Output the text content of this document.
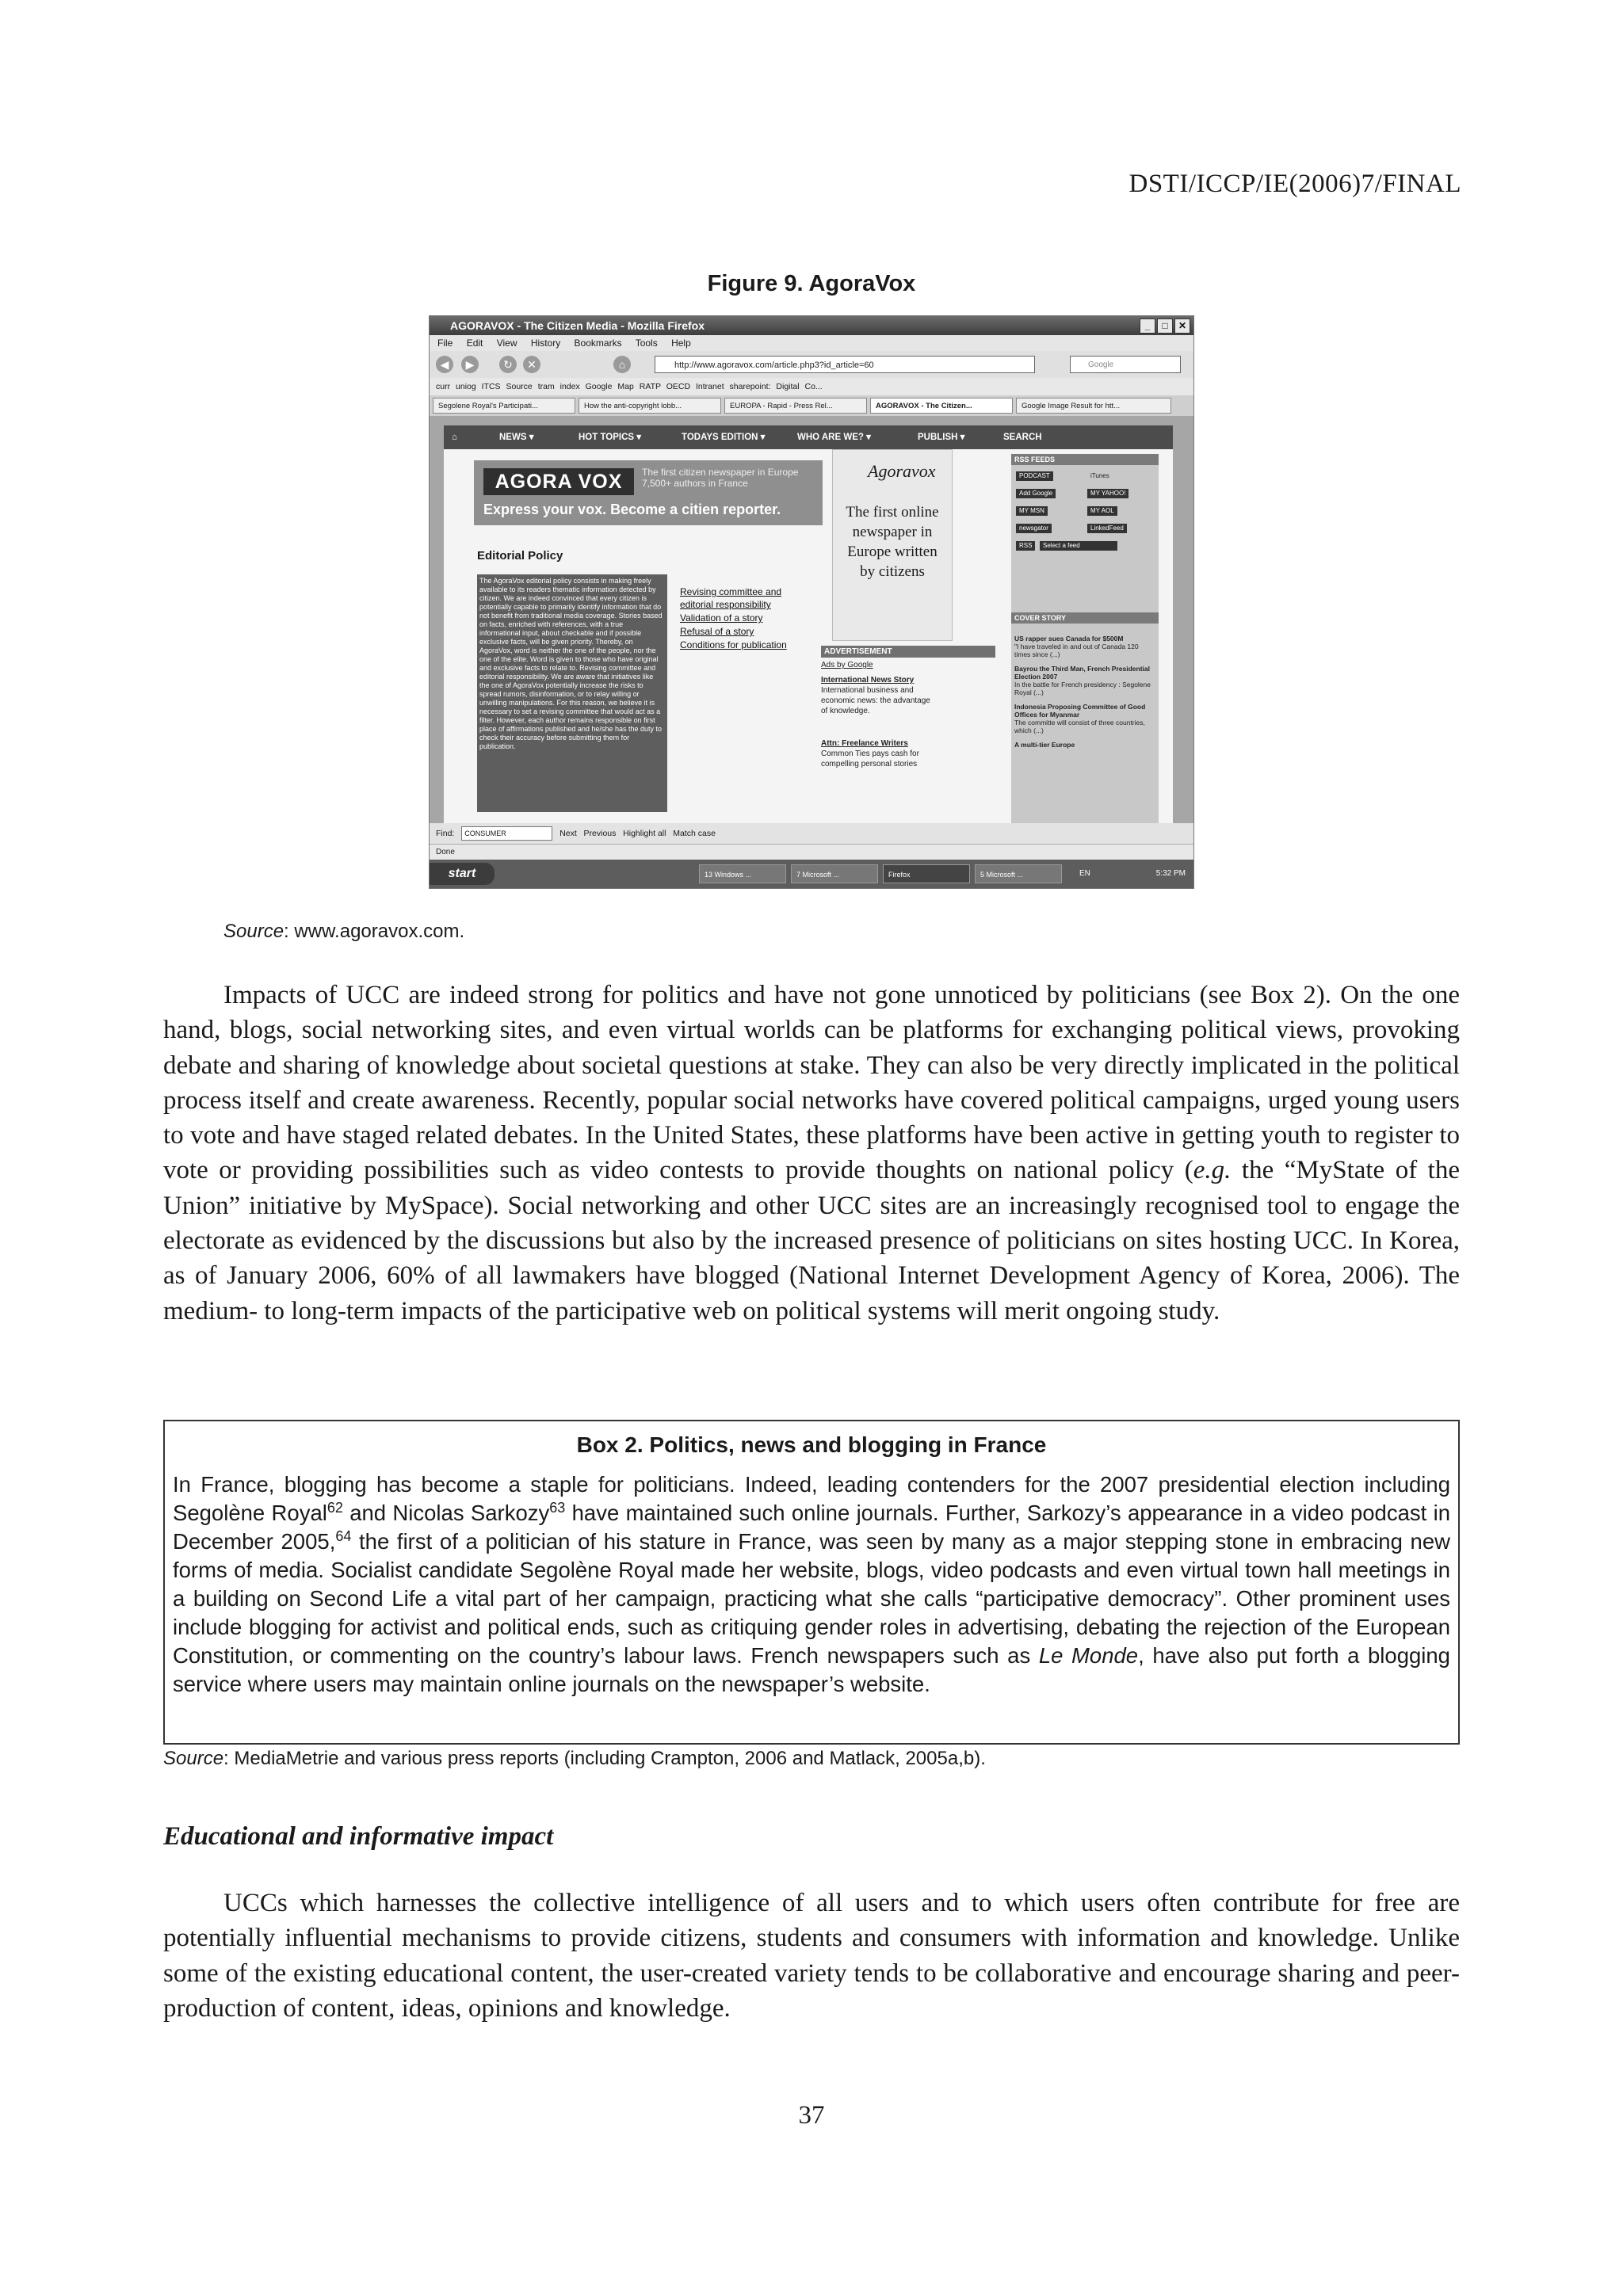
DSTI/ICCP/IE(2006)7/FINAL
Figure 9. AgoraVox
AGORAVOX - The Citizen Media - Mozilla Firefox	_	□	✕
File Edit View History Bookmarks Tools Help
◀	▶	↻	✕	⌂	http://www.agoravox.com/article.php3?id_article=60	Google
curr uniog ITCS Source tram index Google Map RATP OECD Intranet sharepoint: Digital Co...
Segolene Royal's Participati...	How the anti-copyright lobb...	EUROPA - Rapid - Press Rel...	AGORAVOX - The Citizen...	Google Image Result for htt...
⌂	NEWS ▾	HOT TOPICS ▾	TODAYS EDITION ▾	WHO ARE WE? ▾	PUBLISH ▾	SEARCH
AGORA VOX	The first citizen newspaper in Europe 7,500+ authors in France
Express your vox. Become a citien reporter.
Editorial Policy
The AgoraVox editorial policy consists in making freely available to its readers thematic information detected by citizen. We are indeed convinced that every citizen is potentially capable to primarily identify information that do not benefit from traditional media coverage. Stories based on facts, enriched with references, with a true informational input, about checkable and if possible exclusive facts, will be given priority. Thereby, on AgoraVox, word is neither the one of the people, nor the one of the elite. Word is given to those who have original and exclusive facts to relate to. Revising committee and editorial responsibility. We are aware that initiatives like the one of AgoraVox potentially increase the risks to spread rumors, disinformation, or to relay willing or unwilling manipulations. For this reason, we believe it is necessary to set a revising committee that would act as a filter. However, each author remains responsible on first place of affirmations published and he/she has the duty to check their accuracy before submitting them for publication.
Revising committee and editorial responsibility
Validation of a story
Refusal of a story
Conditions for publication
Agoravox
The first online newspaper in Europe written by citizens
ADVERTISEMENT
Ads by Google
International News Story
International business and economic news: the advantage of knowledge.
Attn: Freelance Writers
Common Ties pays cash for compelling personal stories
RSS FEEDS
PODCAST	iTunes
Add Google	MY YAHOO!
MY MSN	MY AOL
newsgator	LinkedFeed
RSS	Select a feed
COVER STORY
US rapper sues Canada for $500M
"I have traveled in and out of Canada 120 times since (...)
Bayrou the Third Man, French Presidential Election 2007
In the battle for French presidency : Segolene Royal (...)
Indonesia Proposing Committee of Good Offices for Myanmar
The committe will consist of three countries, which (...)
A multi-tier Europe
Find: CONSUMER	Next Previous Highlight all Match case
Done
start	13 Windows ...	7 Microsoft ...	Firefox	5 Microsoft ...	EN	5:32 PM
Source: www.agoravox.com.
Impacts of UCC are indeed strong for politics and have not gone unnoticed by politicians (see Box 2). On the one hand, blogs, social networking sites, and even virtual worlds can be platforms for exchanging political views, provoking debate and sharing of knowledge about societal questions at stake. They can also be very directly implicated in the political process itself and create awareness. Recently, popular social networks have covered political campaigns, urged young users to vote and have staged related debates. In the United States, these platforms have been active in getting youth to register to vote or providing possibilities such as video contests to provide thoughts on national policy (e.g. the “MyState of the Union” initiative by MySpace). Social networking and other UCC sites are an increasingly recognised tool to engage the electorate as evidenced by the discussions but also by the increased presence of politicians on sites hosting UCC. In Korea, as of January 2006, 60% of all lawmakers have blogged (National Internet Development Agency of Korea, 2006). The medium- to long-term impacts of the participative web on political systems will merit ongoing study.
Box 2. Politics, news and blogging in France
In France, blogging has become a staple for politicians. Indeed, leading contenders for the 2007 presidential election including Segolène Royal$^{62}$ and Nicolas Sarkozy$^{63}$ have maintained such online journals. Further, Sarkozy’s appearance in a video podcast in December 2005,64 the first of a politician of his stature in France, was seen by many as a major stepping stone in embracing new forms of media. Socialist candidate Segolène Royal made her website, blogs, video podcasts and even virtual town hall meetings in a building on Second Life a vital part of her campaign, practicing what she calls “participative democracy”. Other prominent uses include blogging for activist and political ends, such as critiquing gender roles in advertising, debating the rejection of the European Constitution, or commenting on the country’s labour laws. French newspapers such as Le Monde, have also put forth a blogging service where users may maintain online journals on the newspaper’s website.
Source: MediaMetrie and various press reports (including Crampton, 2006 and Matlack, 2005a,b).
Educational and informative impact
UCCs which harnesses the collective intelligence of all users and to which users often contribute for free are potentially influential mechanisms to provide citizens, students and consumers with information and knowledge. Unlike some of the existing educational content, the user-created variety tends to be collaborative and encourage sharing and peer-production of content, ideas, opinions and knowledge.
37
